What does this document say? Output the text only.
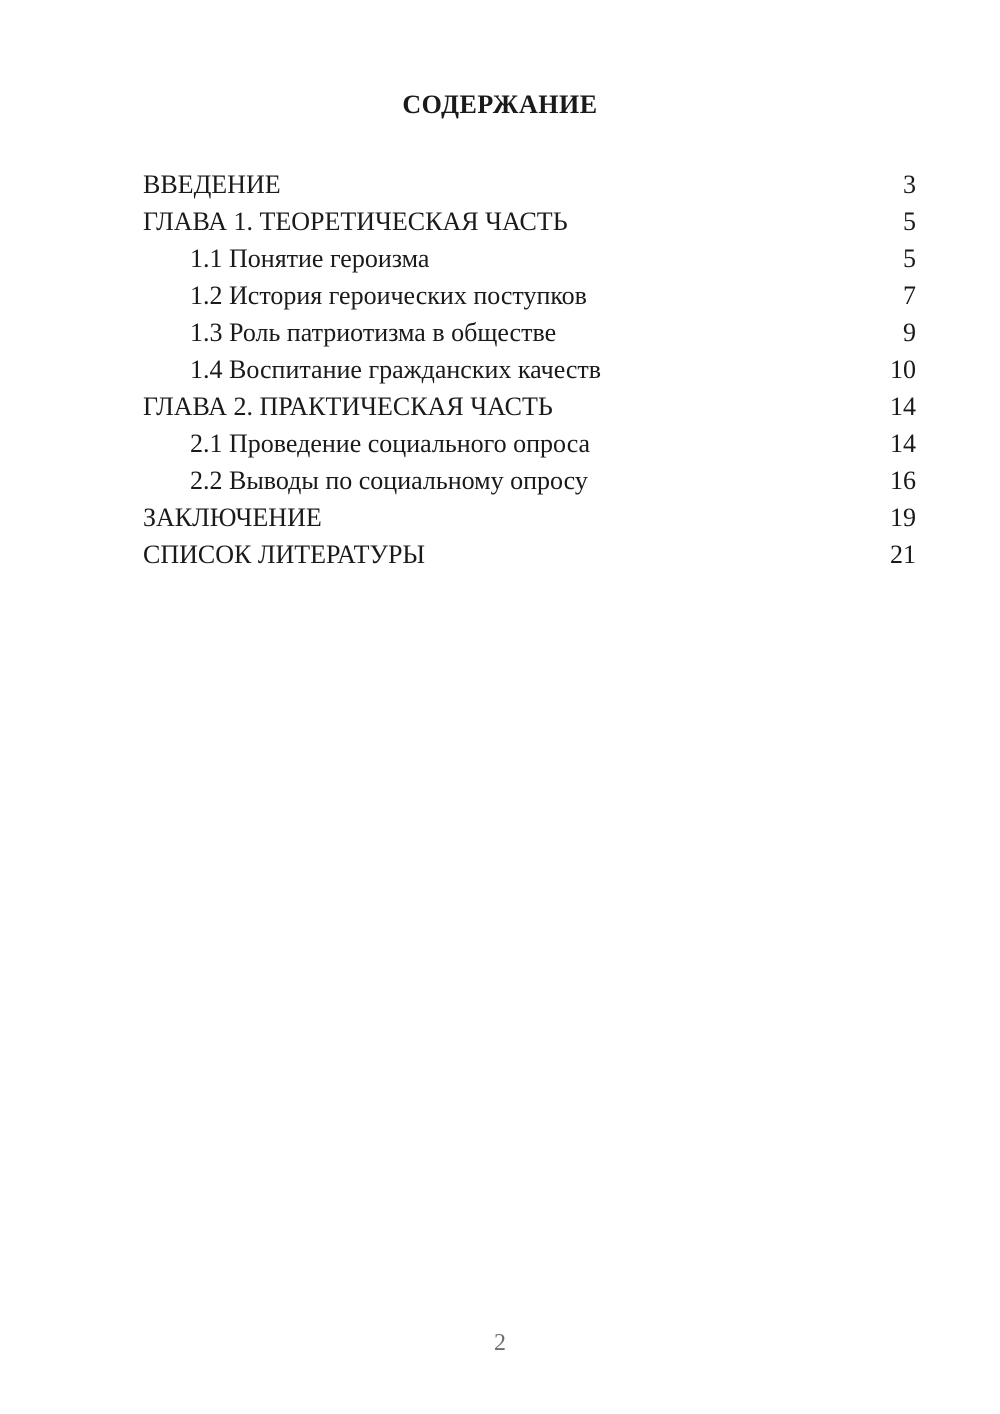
СОДЕРЖАНИЕ
ВВЕДЕНИЕ	3
ГЛАВА 1. ТЕОРЕТИЧЕСКАЯ ЧАСТЬ	5
1.1 Понятие героизма	5
1.2 История героических поступков	7
1.3 Роль патриотизма в обществе	9
1.4 Воспитание гражданских качеств	10
ГЛАВА 2. ПРАКТИЧЕСКАЯ ЧАСТЬ	14
2.1 Проведение социального опроса	14
2.2 Выводы по социальному опросу	16
ЗАКЛЮЧЕНИЕ	19
СПИСОК ЛИТЕРАТУРЫ	21
2
